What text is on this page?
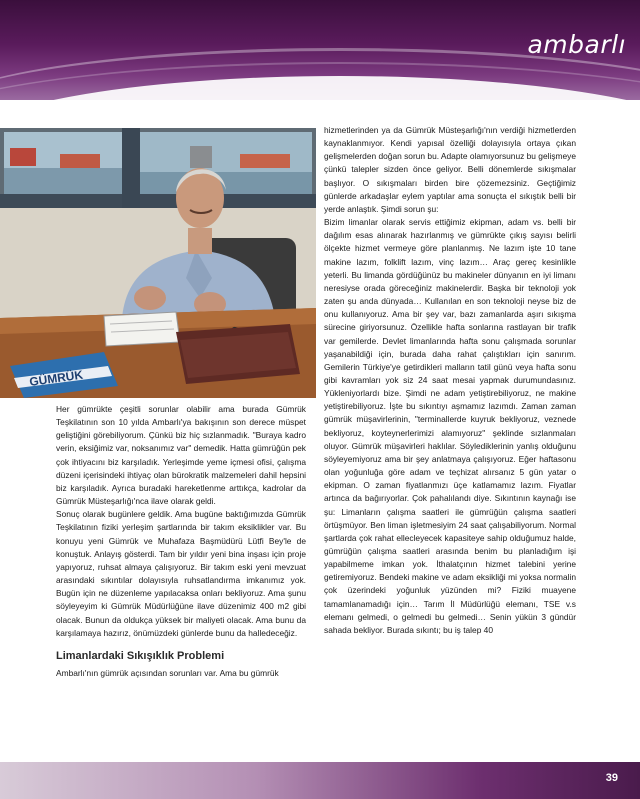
ambarlı
GÜMRÜK

Her gümrükte çeşitli sorunlar olabilir ama burada Gümrük Teşkilatının son 10 yılda Ambarlı'ya bakışının son derece müspet geliştiğini görebiliyorum. Çünkü biz hiç sızlanmadık. "Buraya kadro verin, eksiğimiz var, noksanımız var" demedik. Hatta gümrüğün pek çok ihtiyacını biz karşıladık. Yerleşimde yeme içmesi ofisi, çalışma düzeni içerisindeki ihtiyaç olan bürokratik malzemeleri dahil hepsini biz karşıladık. Ayrıca buradaki hareketlenme arttıkça, kadrolar da Gümrük Müsteşarlığı'nca ilave olarak geldi.

Sonuç olarak bugünlere geldik. Ama bugüne baktığımızda Gümrük Teşkilatının fiziki yerleşim şartlarında bir takım eksiklikler var. Bu konuyu yeni Gümrük ve Muhafaza Başmüdürü Lütfi Bey'le de konuştuk. Anlayış gösterdi. Tam bir yıldır yeni bina inşası için proje yapıyoruz, ruhsat almaya çalışıyoruz. Bir takım eski yeni mevzuat arasındaki sıkıntılar dolayısıyla ruhsatlandırma imkanımız yok. Bugün için ne düzenleme yapılacaksa onları bekliyoruz. Ama şunu söyleyeyim ki Gümrük Müdürlüğüne ilave düzenimiz 400 m2 gibi olacak. Bunun da oldukça yüksek bir maliyeti olacak. Ama bunu da karşılamaya hazırız, önümüzdeki günlerde bunu da halledeceğiz.

Limanlardaki Sıkışıklık Problemi

Ambarlı'nın gümrük açısından sorunları var. Ama bu gümrük

hizmetlerinden ya da Gümrük Müsteşarlığı'nın verdiği hizmetlerden kaynaklanmıyor. Kendi yapısal özelliği dolayısıyla ortaya çıkan gelişmelerden doğan sorun bu. Adapte olamıyorsunuz bu gelişmeye çünkü talepler sizden önce geliyor. Belli dönemlerde sıkışmalar başlıyor. O sıkışmaları birden bire çözemezsiniz. Geçtiğimiz günlerde arkadaşlar eylem yaptılar ama sonuçta el sıkıştık belli bir yerde anlaştık. Şimdi sorun şu:

Bizim limanlar olarak servis ettiğimiz ekipman, adam vs. belli bir dağılım esas alınarak hazırlanmış ve gümrükte çıkış sayısı belirli ölçekte hizmet vermeye göre planlanmış. Ne lazım işte 10 tane makine lazım, folklift lazım, vinç lazım… Araç gereç kesinlikle yeterli. Bu limanda gördüğünüz bu makineler dünyanın en iyi limanı neresiyse orada göreceğiniz makinelerdir. Başka bir teknoloji yok zaten şu anda dünyada… Kullanılan en son teknoloji neyse biz de onu kullanıyoruz. Ama bir şey var, bazı zamanlarda aşırı sıkışma sürecine giriyorsunuz. Özellikle hafta sonlarına rastlayan bir trafik var gemilerde. Devlet limanlarında hafta sonu çalışmada sorunlar yaşanabildiği için, burada daha rahat çalıştıkları için sanırım. Gemilerin Türkiye'ye getirdikleri malların tatil günü veya hafta sonu gibi kavramları yok siz 24 saat mesai yapmak durumundasınız. Yükleniyorlardı bize. Şimdi ne adam yetiştirebiliyoruz, ne makine yetiştirebiliyoruz. İşte bu sıkıntıyı aşmamız lazımdı. Zaman zaman gümrük müşavirlerinin, "terminallerde kuyruk bekliyoruz, veznede bekliyoruz, koyteynerlerimizi alamıyoruz" şeklinde sızlanmaları oluyor. Gümrük müşavirleri haklılar. Söylediklerinin yanlış olduğunu söyleyemiyoruz ama bir şey anlatmaya çalışıyoruz. Eğer haftasonu olan yoğunluğa göre adam ve teçhizat alırsanız 5 gün yatar o ekipman. O zaman fiyatlanmızı üçe katlamamız lazım. Fiyatlar artınca da bağırıyorlar. Çok pahalılandı diye. Sıkıntının kaynağı ise şu: Limanların çalışma saatleri ile gümrüğün çalışma saatleri örtüşmüyor. Ben liman işletmesiyim 24 saat çalışabiliyorum. Normal şartlarda çok rahat ellecleyecek kapasiteye sahip olduğumuz halde, gümrüğün çalışma saatleri arasında benim bu planladığım işi yapabilmeme imkan yok. İthalatçının hizmet talebini yerine getiremiyoruz. Bendeki makine ve adam eksikliği mi yoksa normalin çok üzerindeki yoğunluk yüzünden mi? Fiziki muayene tamamlanamadığı için… Tarım İl Müdürlüğü elemanı, TSE v.s elemanı gelmedi, o gelmedi bu gelmedi… Senin yükün 3 gündür sahada bekliyor. Burada sıkıntı; bu iş talep 40

39
